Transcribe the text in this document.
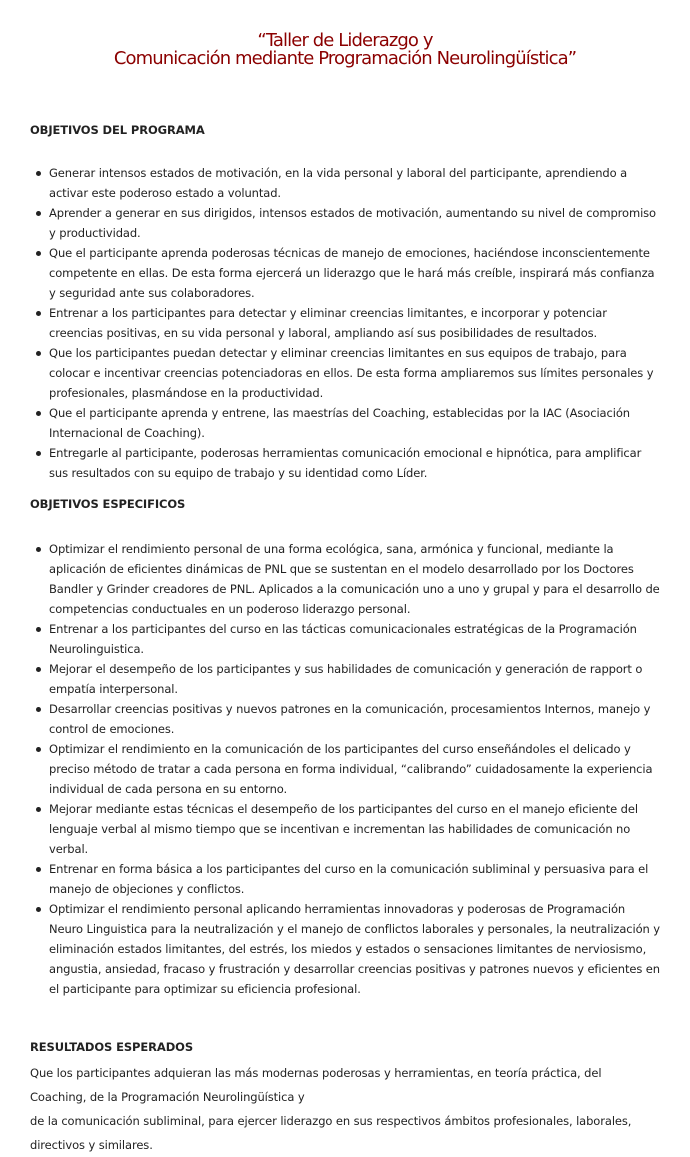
“Taller de Liderazgo y
Comunicación mediante Programación Neurolingüística”
OBJETIVOS DEL PROGRAMA
Generar intensos estados de motivación, en la vida personal y laboral del participante, aprendiendo a activar este poderoso estado a voluntad.
Aprender a generar en sus dirigidos, intensos estados de motivación, aumentando su nivel de compromiso y productividad.
Que el participante aprenda poderosas técnicas de manejo de emociones, haciéndose inconscientemente competente en ellas. De esta forma ejercerá un liderazgo que le hará más creíble, inspirará más confianza y seguridad ante sus colaboradores.
Entrenar a los participantes para detectar y eliminar creencias limitantes, e incorporar y potenciar creencias positivas, en su vida personal y laboral, ampliando así sus posibilidades de resultados.
Que los participantes puedan detectar y eliminar creencias limitantes en sus equipos de trabajo, para colocar e incentivar creencias potenciadoras en ellos. De esta forma ampliaremos sus límites personales y profesionales, plasmándose en la productividad.
Que el participante aprenda y entrene, las maestrías del Coaching, establecidas por la IAC (Asociación Internacional de Coaching).
Entregarle al participante, poderosas herramientas comunicación emocional e hipnótica, para amplificar sus resultados con su equipo de trabajo y su identidad como Líder.
OBJETIVOS ESPECIFICOS
Optimizar el rendimiento personal de una forma ecológica, sana, armónica y funcional, mediante la aplicación de eficientes dinámicas de PNL que se sustentan en el modelo desarrollado por los Doctores Bandler y Grinder creadores de PNL. Aplicados a la comunicación uno a uno y grupal y para el desarrollo de competencias conductuales en un poderoso liderazgo personal.
Entrenar a los participantes del curso en las tácticas comunicacionales estratégicas de la Programación Neurolinguistica.
Mejorar el desempeño de los participantes y sus habilidades de comunicación y generación de rapport o empatía interpersonal.
Desarrollar creencias positivas y nuevos patrones en la comunicación, procesamientos Internos, manejo y control de emociones.
Optimizar el rendimiento en la comunicación de los participantes del curso enseñándoles el delicado y preciso método de tratar a cada persona en forma individual, “calibrando” cuidadosamente la experiencia individual de cada persona en su entorno.
Mejorar mediante estas técnicas el desempeño de los participantes del curso en el manejo eficiente del lenguaje verbal al mismo tiempo que se incentivan e incrementan las habilidades de comunicación no verbal.
Entrenar en forma básica a los participantes del curso en la comunicación subliminal y persuasiva para el manejo de objeciones y conflictos.
Optimizar el rendimiento personal aplicando herramientas innovadoras y poderosas de Programación Neuro Linguistica para la neutralización y el manejo de conflictos laborales y personales, la neutralización y eliminación estados limitantes, del estrés, los miedos y estados o sensaciones limitantes de nerviosismo, angustia, ansiedad, fracaso y frustración y desarrollar creencias positivas y patrones nuevos y eficientes en el participante para optimizar su eficiencia profesional.
RESULTADOS ESPERADOS

Que los participantes adquieran las más modernas poderosas y herramientas, en teoría práctica, del Coaching, de la Programación Neurolingüística y
de la comunicación subliminal, para ejercer liderazgo en sus respectivos ámbitos profesionales, laborales, directivos y similares.
